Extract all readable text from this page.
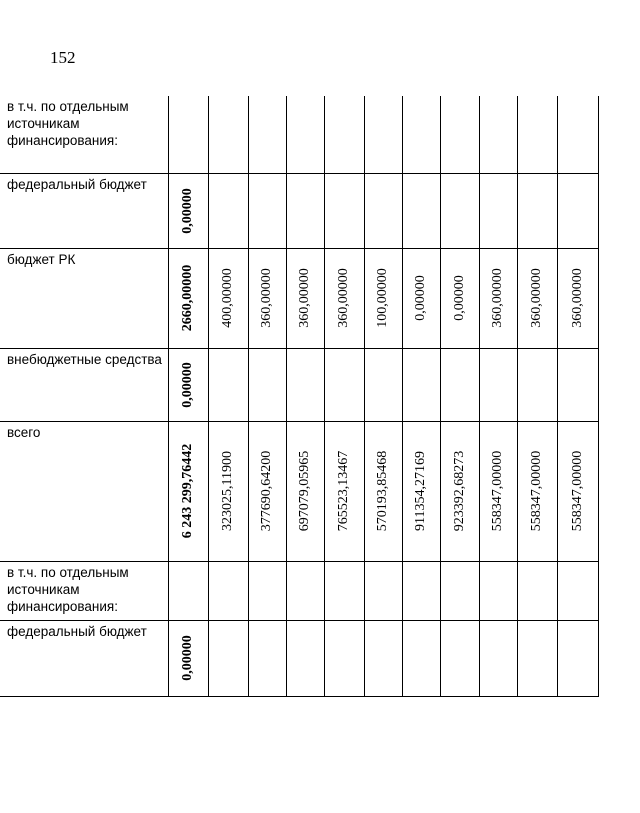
152
в т.ч. по отдельным источникам финансирования:	

федеральный бюджет	0,00000										

бюджет РК	2660,00000	400,00000	360,00000	360,00000	360,00000	100,00000	0,00000	0,00000	360,00000	360,00000	360,00000

внебюджетные средства	0,00000										

всего	6 243 299,76442	323025,11900	377690,64200	697079,05965	765523,13467	570193,85468	911354,27169	923392,68273	558347,00000	558347,00000	558347,00000

в т.ч. по отдельным источникам финансирования:	

федеральный бюджет	0,00000										
